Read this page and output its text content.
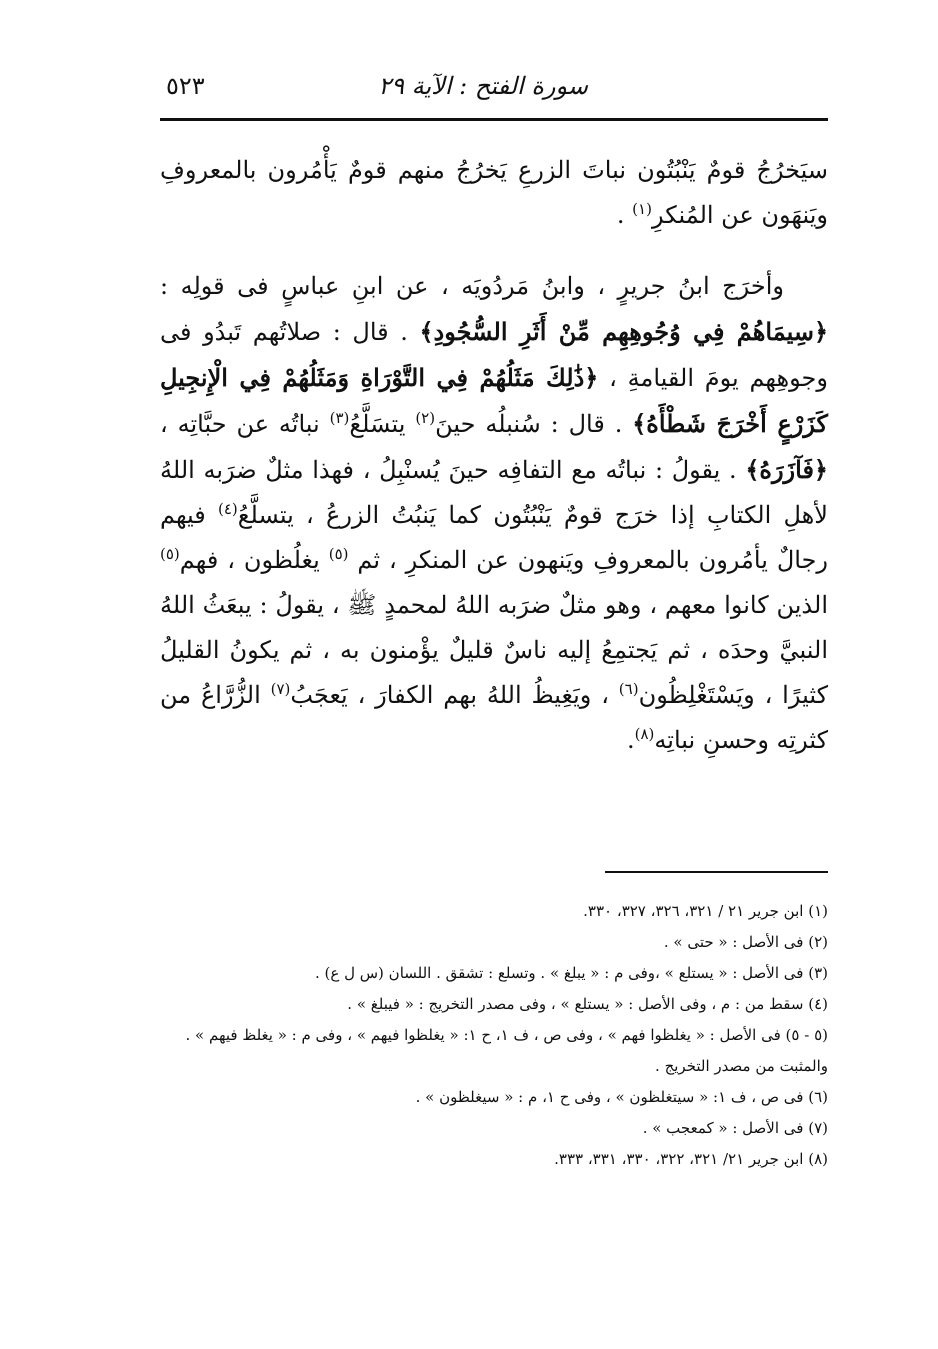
سورة الفتح : الآية ٢٩
٥٢٣

سيَخرُجُ قومٌ يَنْبُتُون نباتَ الزرعِ يَخرُجُ منهم قومٌ يَأْمُرون بالمعروفِ ويَنهَون عن المُنكرِ$^{(١)}$ .

وأخرَج ابنُ جريرٍ ، وابنُ مَردُويَه ، عن ابنِ عباسٍ فى قولِه : ﴿سِيمَاهُمْ فِي وُجُوهِهِم مِّنْ أَثَرِ السُّجُودِ﴾ . قال : صلاتُهم تَبدُو فى وجوهِهم يومَ القيامةِ ، ﴿ذَٰلِكَ مَثَلُهُمْ فِي التَّوْرَاةِ وَمَثَلُهُمْ فِي الْإِنجِيلِ كَزَرْعٍ أَخْرَجَ شَطْأَهُ﴾ . قال : سُنبلُه حينَ$^{(٢)}$ يتسَلَّعُ$^{(٣)}$ نباتُه عن حبَّاتِه ، ﴿فَآزَرَهُ﴾ . يقولُ : نباتُه مع التفافِه حينَ يُسنْبِلُ ، فهذا مثلٌ ضرَبه اللهُ لأهلِ الكتابِ إذا خرَج قومٌ يَنْبُتُون كما يَنبُتُ الزرعُ ، يتسلَّعُ$^{(٤)}$ فيهم رجالٌ يأمُرون بالمعروفِ ويَنهون عن المنكرِ ، ثم $^{(٥)}$ يغلُظون ، فهم$^{(٥)}$ الذين كانوا معهم ، وهو مثلٌ ضرَبه اللهُ لمحمدٍ ﷺ ، يقولُ : يبعَثُ اللهُ النبيَّ وحدَه ، ثم يَجتمِعُ إليه ناسٌ قليلٌ يؤْمنون به ، ثم يكونُ القليلُ كثيرًا ، ويَسْتَغْلِظُون$^{(٦)}$ ، ويَغِيظُ اللهُ بهم الكفارَ ، يَعجَبُ$^{(٧)}$ الزُّرَّاعُ من كثرتِه وحسنِ نباتِه$^{(٨)}$.

(١) ابن جرير ٢١ / ٣٢١، ٣٢٦، ٣٢٧، ٣٣٠.

(٢) فى الأصل : « حتى » .

(٣) فى الأصل : « يستلع » ،وفى م : « يبلغ » . وتسلع : تشقق . اللسان (س ل ع) .

(٤) سقط من : م ، وفى الأصل : « يستلع » ، وفى مصدر التخريج : « فيبلغ » .

(٥ - ٥) فى الأصل : « يغلظوا فهم » ، وفى ص ، ف ١، ح ١: « يغلظوا فيهم » ، وفى م : « يغلظ فيهم » . والمثبت من مصدر التخريج .

(٦) فى ص ، ف ١: « سيتغلظون » ، وفى ح ١، م : « سيغلظون » .

(٧) فى الأصل : « كمعجب » .

(٨) ابن جرير ٢١/ ٣٢١، ٣٢٢، ٣٣٠، ٣٣١، ٣٣٣.
